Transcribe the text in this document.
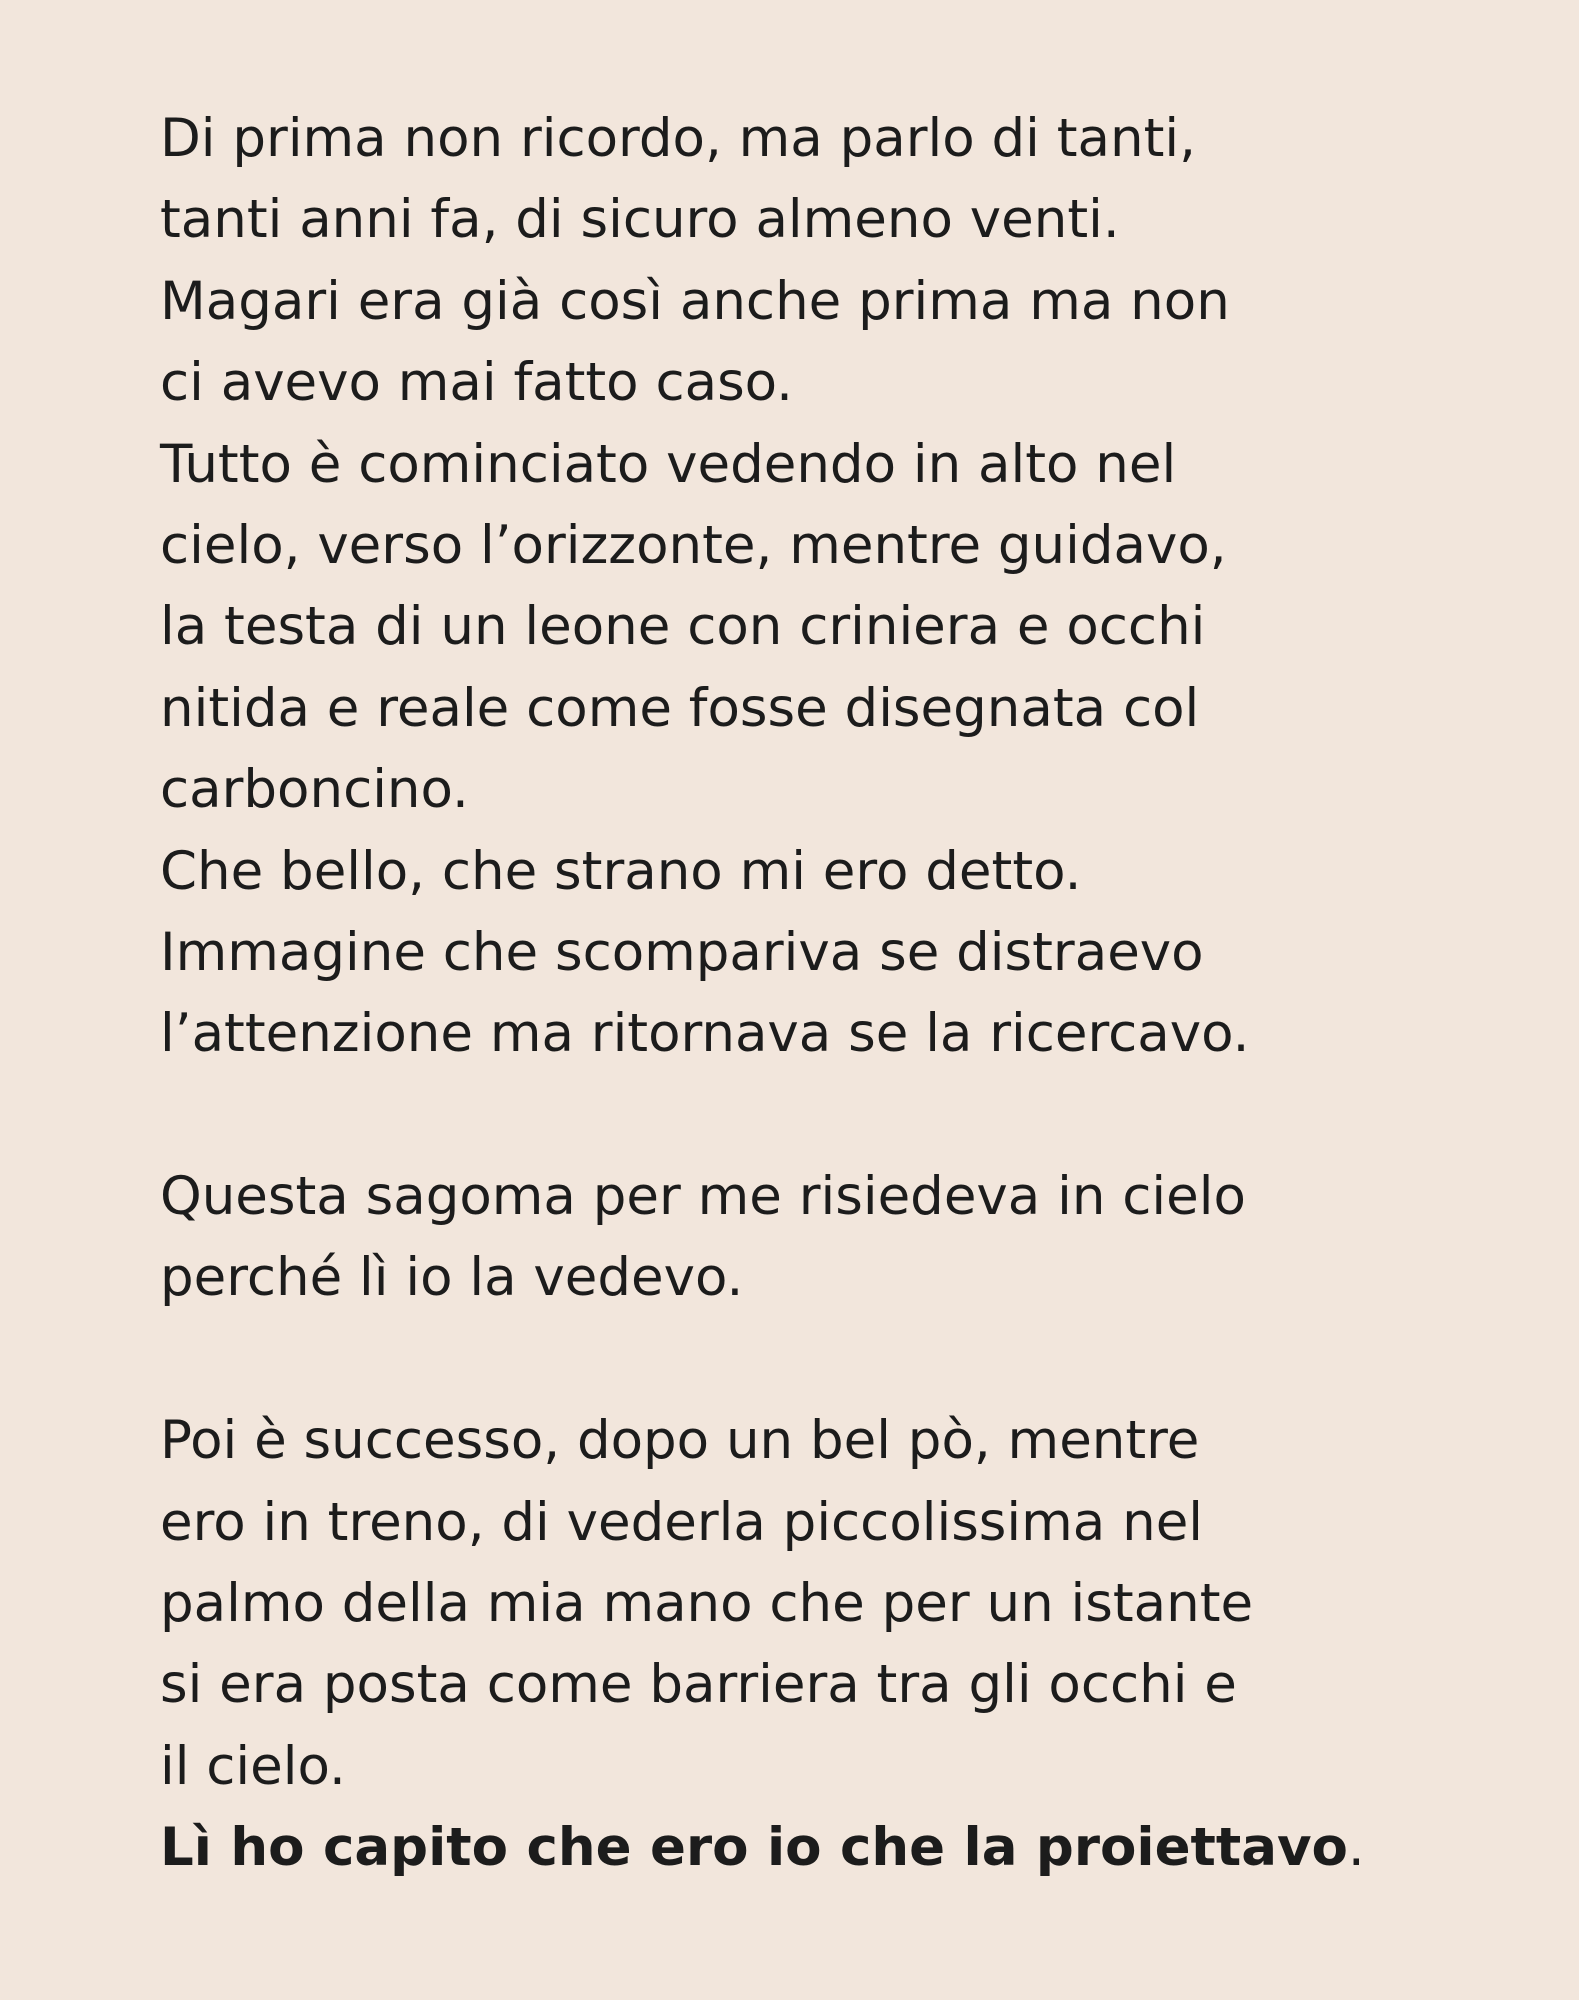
Di prima non ricordo, ma parlo di tanti,
tanti anni fa, di sicuro almeno venti.
Magari era già così anche prima ma non
ci avevo mai fatto caso.
Tutto è cominciato vedendo in alto nel
cielo, verso l’orizzonte, mentre guidavo,
la testa di un leone con criniera e occhi
nitida e reale come fosse disegnata col
carboncino.
Che bello, che strano mi ero detto.
Immagine che scompariva se distraevo
l’attenzione ma ritornava se la ricercavo.
Questa sagoma per me risiedeva in cielo
perché lì io la vedevo.
Poi è successo, dopo un bel pò, mentre
ero in treno, di vederla piccolissima nel
palmo della mia mano che per un istante
si era posta come barriera tra gli occhi e
il cielo.
Lì ho capito che ero io che la proiettavo.
